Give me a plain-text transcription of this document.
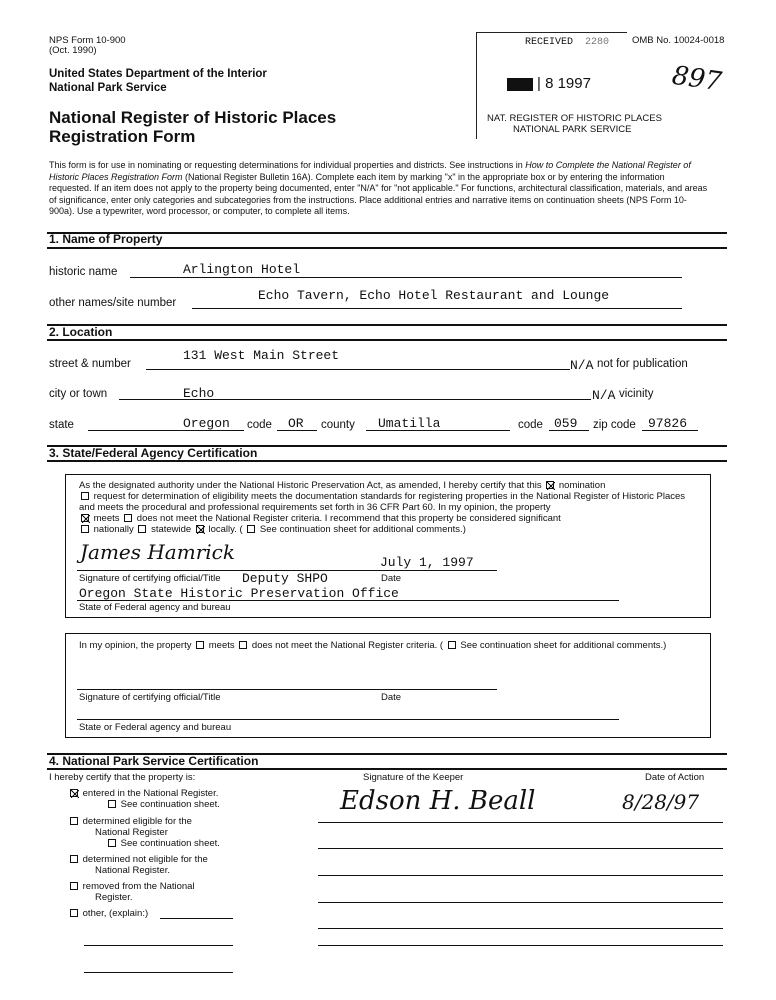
NPS Form 10-900
(Oct. 1990)
OMB No. 10024-0018
United States Department of the Interior
National Park Service
National Register of Historic Places
Registration Form
RECEIVED 2280
| 8 1997
NAT. REGISTER OF HISTORIC PLACES
NATIONAL PARK SERVICE
897
This form is for use in nominating or requesting determinations for individual properties and districts. See instructions in How to Complete the National Register of Historic Places Registration Form (National Register Bulletin 16A). Complete each item by marking "x" in the appropriate box or by entering the information requested. If an item does not apply to the property being documented, enter "N/A" for "not applicable." For functions, architectural classification, materials, and areas of significance, enter only categories and subcategories from the instructions. Place additional entries and narrative items on continuation sheets (NPS Form 10-900a). Use a typewriter, word processor, or computer, to complete all items.
1. Name of Property
historic name	Arlington Hotel
other names/site number	Echo Tavern, Echo Hotel Restaurant and Lounge
2. Location
street & number
131 West Main Street
N/A not for publication
city or town	Echo	N/A vicinity
state	Oregon code OR county Umatilla	code 059 zip code 97826
3. State/Federal Agency Certification
As the designated authority under the National Historic Preservation Act, as amended, I hereby certify that this nomination
request for determination of eligibility meets the documentation standards for registering properties in the National Register of Historic Places and meets the procedural and professional requirements set forth in 36 CFR Part 60. In my opinion, the property
meets does not meet the National Register criteria. I recommend that this property be considered significant
nationally statewide locally. ( See continuation sheet for additional comments.)
James Hamrick	July 1, 1997
Signature of certifying official/Title Deputy SHPO	Date
Oregon State Historic Preservation Office
State of Federal agency and bureau
In my opinion, the property meets does not meet the National Register criteria. ( See continuation sheet for additional comments.)
Signature of certifying official/Title	Date
State or Federal agency and bureau
4. National Park Service Certification
I hereby certify that the property is:
entered in the National Register.
See continuation sheet.
determined eligible for the
National Register
See continuation sheet.
determined not eligible for the
National Register.
removed from the National
Register.
other, (explain:)
Signature of the Keeper	Date of Action
Edson H. Beall	8/28/97
